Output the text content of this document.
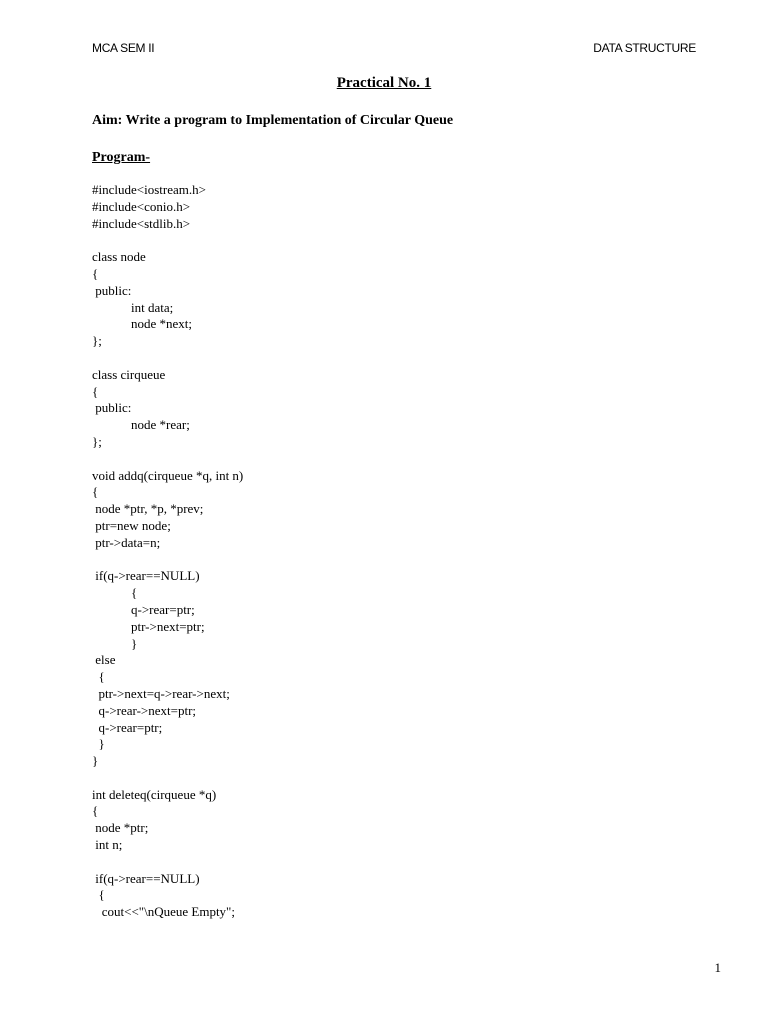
MCA SEM II	DATA STRUCTURE
Practical No. 1
Aim: Write a program to Implementation of Circular Queue
Program-
#include<iostream.h>
#include<conio.h>
#include<stdlib.h>
class node
{
public:
int data;
node *next;
};
class cirqueue
{
public:
node *rear;
};
void addq(cirqueue *q, int n)
{
node *ptr, *p, *prev;
ptr=new node;
ptr->data=n;
if(q->rear==NULL)
{
q->rear=ptr;
ptr->next=ptr;
}
else
{
ptr->next=q->rear->next;
q->rear->next=ptr;
q->rear=ptr;
}
}
int deleteq(cirqueue *q)
{
node *ptr;
int n;
if(q->rear==NULL)
{
cout<<"\nQueue Empty";
1
